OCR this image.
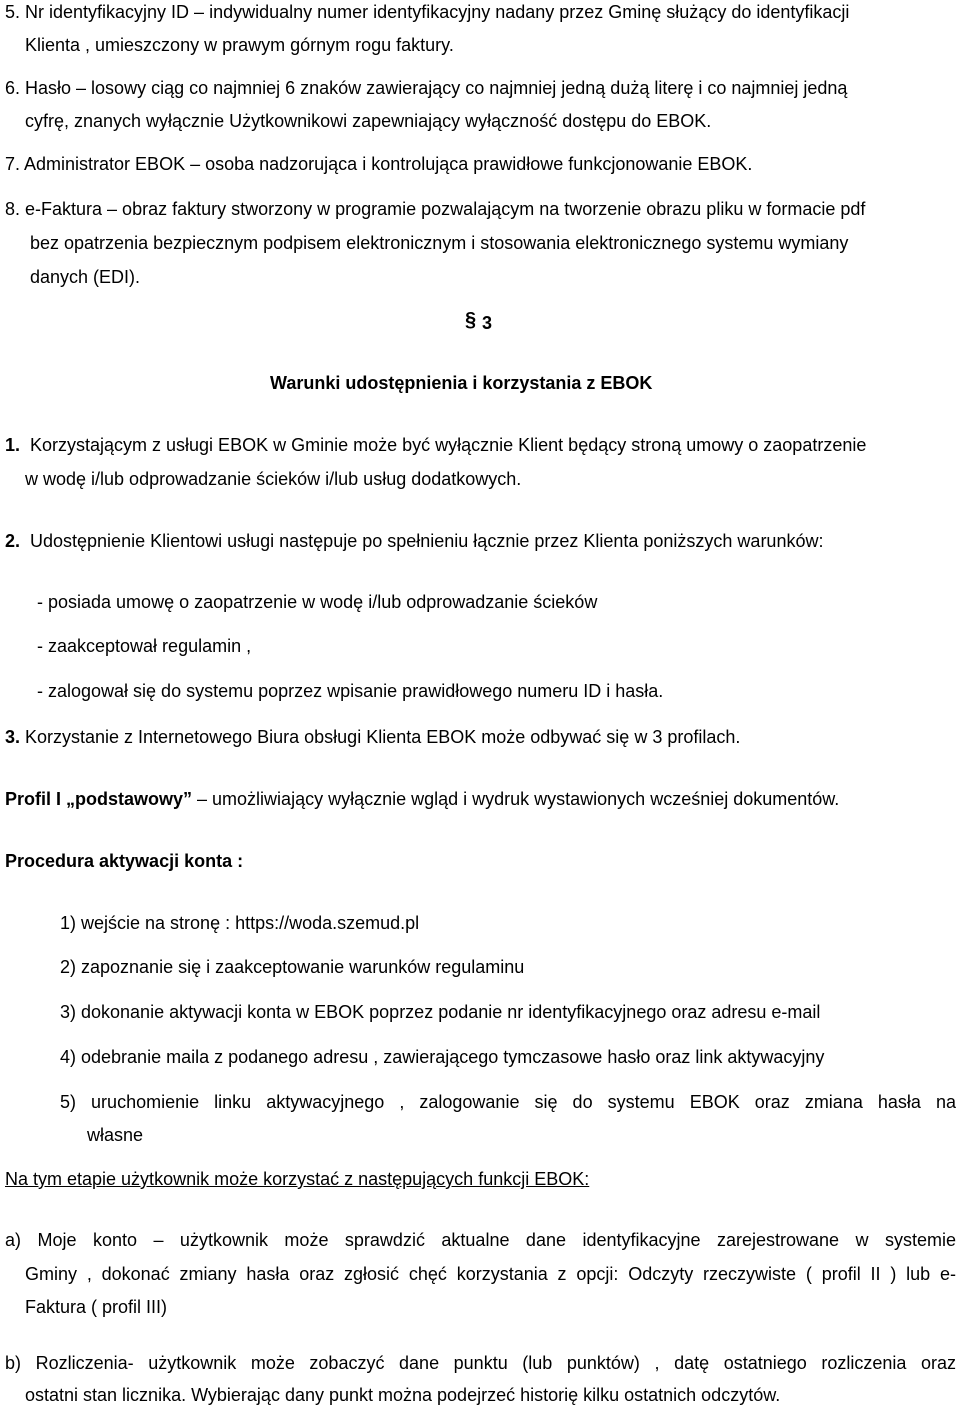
5. Nr identyfikacyjny ID – indywidualny numer identyfikacyjny nadany przez Gminę służący do identyfikacji
Klienta , umieszczony w prawym górnym rogu faktury.
6. Hasło – losowy ciąg co najmniej 6 znaków zawierający co najmniej jedną dużą literę i co najmniej jedną
cyfrę, znanych wyłącznie Użytkownikowi zapewniający wyłączność dostępu do EBOK.
7. Administrator EBOK – osoba nadzorująca i kontrolująca prawidłowe funkcjonowanie EBOK.
8. e-Faktura – obraz faktury stworzony w programie pozwalającym na tworzenie obrazu pliku w formacie pdf
bez opatrzenia bezpiecznym podpisem elektronicznym i stosowania elektronicznego systemu wymiany
danych (EDI).
§ 3
Warunki udostępnienia i korzystania z EBOK
1. Korzystającym z usługi EBOK w Gminie może być wyłącznie Klient będący stroną umowy o zaopatrzenie
w wodę i/lub odprowadzanie ścieków i/lub usług dodatkowych.
2. Udostępnienie Klientowi usługi następuje po spełnieniu łącznie przez Klienta poniższych warunków:
- posiada umowę o zaopatrzenie w wodę i/lub odprowadzanie ścieków
- zaakceptował regulamin ,
- zalogował się do systemu poprzez wpisanie prawidłowego numeru ID i hasła.
3. Korzystanie z Internetowego Biura obsługi Klienta EBOK może odbywać się w 3 profilach.
Profil I „podstawowy” – umożliwiający wyłącznie wgląd i wydruk wystawionych wcześniej dokumentów.
Procedura aktywacji konta :
1) wejście na stronę : https://woda.szemud.pl
2) zapoznanie się i zaakceptowanie warunków regulaminu
3) dokonanie aktywacji konta w EBOK poprzez podanie nr identyfikacyjnego oraz adresu e-mail
4) odebranie maila z podanego adresu , zawierającego tymczasowe hasło oraz link aktywacyjny
5) uruchomienie linku aktywacyjnego , zalogowanie się do systemu EBOK oraz zmiana hasła na
własne
Na tym etapie użytkownik może korzystać z następujących funkcji EBOK:
a) Moje konto – użytkownik może sprawdzić aktualne dane identyfikacyjne zarejestrowane w systemie
Gminy , dokonać zmiany hasła oraz zgłosić chęć korzystania z opcji: Odczyty rzeczywiste ( profil II ) lub e-
Faktura ( profil III)
b) Rozliczenia- użytkownik może zobaczyć dane punktu (lub punktów) , datę ostatniego rozliczenia oraz
ostatni stan licznika. Wybierając dany punkt można podejrzeć historię kilku ostatnich odczytów.
